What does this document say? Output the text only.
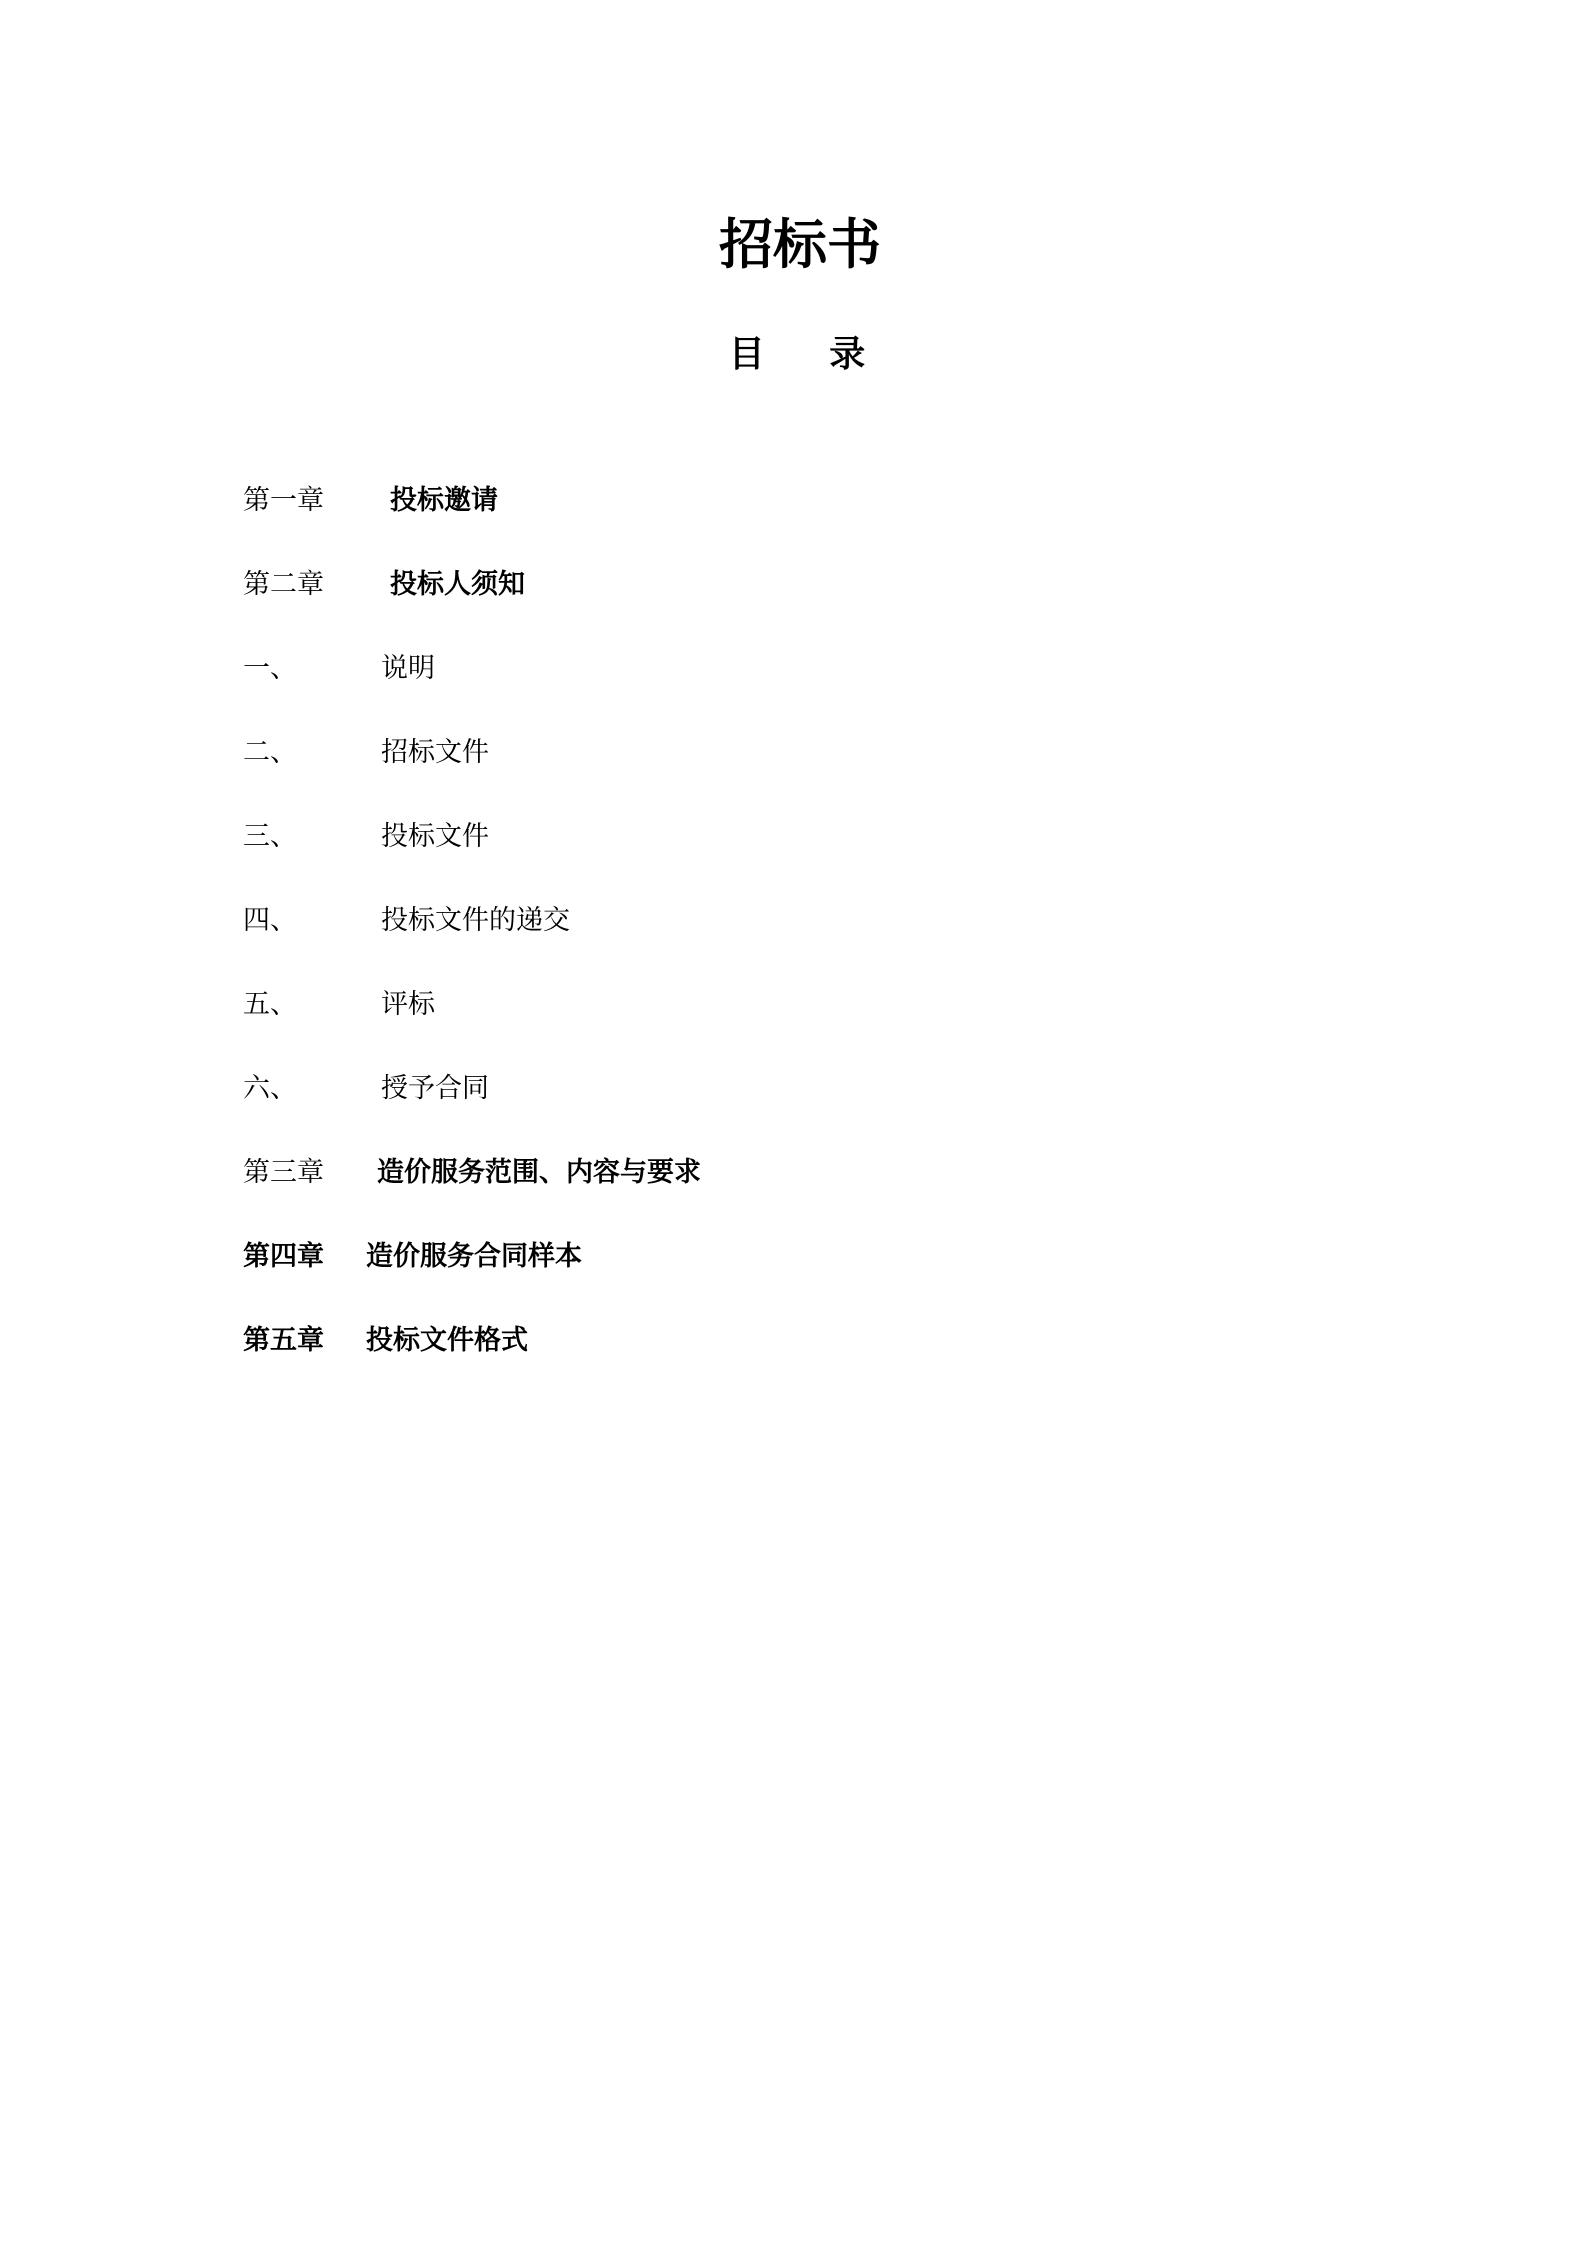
招标书
目 录
第一章 投标邀请
第二章 投标人须知
一、	说明
二、	招标文件
三、	投标文件
四、	投标文件的递交
五、	评标
六、	授予合同
第三章 造价服务范围、内容与要求
第四章 造价服务合同样本
第五章 投标文件格式
